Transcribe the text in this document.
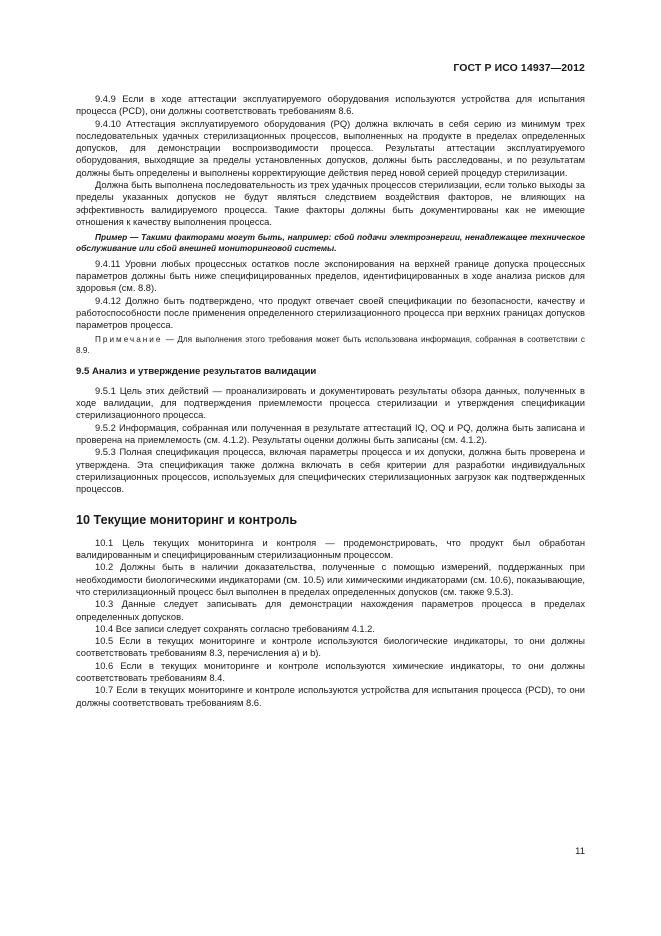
ГОСТ Р ИСО 14937—2012

9.4.9 Если в ходе аттестации эксплуатируемого оборудования используются устройства для испытания процесса (PCD), они должны соответствовать требованиям 8.6.

9.4.10 Аттестация эксплуатируемого оборудования (PQ) должна включать в себя серию из минимум трех последовательных удачных стерилизационных процессов, выполненных на продукте в пределах определенных допусков, для демонстрации воспроизводимости процесса. Результаты аттестации эксплуатируемого оборудования, выходящие за пределы установленных допусков, должны быть расследованы, и по результатам должны быть определены и выполнены корректирующие действия перед новой серией процедур стерилизации.

Должна быть выполнена последовательность из трех удачных процессов стерилизации, если только выходы за пределы указанных допусков не будут являться следствием воздействия факторов, не влияющих на эффективность валидируемого процесса. Такие факторы должны быть документированы как не имеющие отношения к качеству выполнения процесса.

Пример — Такими факторами могут быть, например: сбой подачи электроэнергии, ненадлежащее техническое обслуживание или сбой внешней мониторинговой системы.

9.4.11 Уровни любых процессных остатков после экспонирования на верхней границе допуска процессных параметров должны быть ниже специфицированных пределов, идентифицированных в ходе анализа рисков для здоровья (см. 8.8).

9.4.12 Должно быть подтверждено, что продукт отвечает своей спецификации по безопасности, качеству и работоспособности после применения определенного стерилизационного процесса при верхних границах допусков параметров процесса.

Примечание — Для выполнения этого требования может быть использована информация, собранная в соответствии с 8.9.

9.5 Анализ и утверждение результатов валидации

9.5.1 Цель этих действий — проанализировать и документировать результаты обзора данных, полученных в ходе валидации, для подтверждения приемлемости процесса стерилизации и утверждения спецификации стерилизационного процесса.

9.5.2 Информация, собранная или полученная в результате аттестаций IQ, OQ и PQ, должна быть записана и проверена на приемлемость (см. 4.1.2). Результаты оценки должны быть записаны (см. 4.1.2).

9.5.3 Полная спецификация процесса, включая параметры процесса и их допуски, должна быть проверена и утверждена. Эта спецификация также должна включать в себя критерии для разработки индивидуальных стерилизационных процессов, используемых для специфических стерилизационных загрузок как подтвержденных процессов.

10 Текущие мониторинг и контроль

10.1 Цель текущих мониторинга и контроля — продемонстрировать, что продукт был обработан валидированным и специфицированным стерилизационным процессом.

10.2 Должны быть в наличии доказательства, полученные с помощью измерений, поддержанных при необходимости биологическими индикаторами (см. 10.5) или химическими индикаторами (см. 10.6), показывающие, что стерилизационный процесс был выполнен в пределах определенных допусков (см. также 9.5.3).

10.3 Данные следует записывать для демонстрации нахождения параметров процесса в пределах определенных допусков.

10.4 Все записи следует сохранять согласно требованиям 4.1.2.

10.5 Если в текущих мониторинге и контроле используются биологические индикаторы, то они должны соответствовать требованиям 8.3, перечисления а) и b).

10.6 Если в текущих мониторинге и контроле используются химические индикаторы, то они должны соответствовать требованиям 8.4.

10.7 Если в текущих мониторинге и контроле используются устройства для испытания процесса (PCD), то они должны соответствовать требованиям 8.6.

11
